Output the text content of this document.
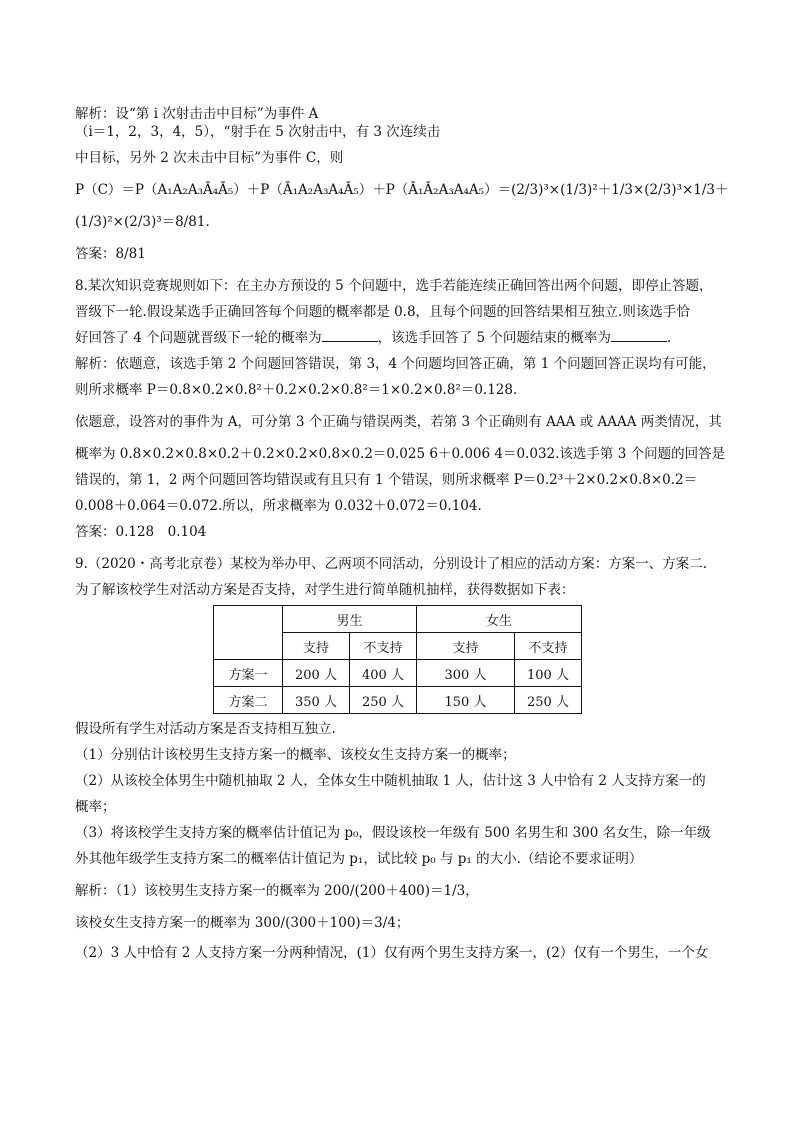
解析：设“第 i 次射击击中目标”为事件 A

（i＝1，2，3，4，5），“射手在 5 次射击中，有 3 次连续击

中目标，另外 2 次未击中目标”为事件 C，则

P（C）＝P（A₁A₂A₃Ā₄Ā₅）＋P（Ā₁A₂A₃A₄Ā₅）＋P（Ā₁Ā₂A₃A₄A₅）＝(2/3)³×(1/3)²＋1/3×(2/3)³×1/3＋

(1/3)²×(2/3)³＝8/81.

答案：8/81

8.某次知识竞赛规则如下：在主办方预设的 5 个问题中，选手若能连续正确回答出两个问题，即停止答题，

晋级下一轮.假设某选手正确回答每个问题的概率都是 0.8，且每个问题的回答结果相互独立.则该选手恰

好回答了 4 个问题就晋级下一轮的概率为	，该选手回答了 5 个问题结束的概率为	.

解析：依题意，该选手第 2 个问题回答错误，第 3，4 个问题均回答正确，第 1 个问题回答正误均有可能，

则所求概率 P＝0.8×0.2×0.8²＋0.2×0.2×0.8²＝1×0.2×0.8²＝0.128.

依题意，设答对的事件为 A，可分第 3 个正确与错误两类，若第 3 个正确则有 AAA 或 AAAA 两类情况，其

概率为 0.8×0.2×0.8×0.2＋0.2×0.2×0.8×0.2＝0.025 6＋0.006 4＝0.032.该选手第 3 个问题的回答是

错误的，第 1，2 两个问题回答均错误或有且只有 1 个错误，则所求概率 P＝0.2³＋2×0.2×0.8×0.2＝

0.008＋0.064＝0.072.所以，所求概率为 0.032＋0.072＝0.104.

答案：0.128　0.104

9.（2020・高考北京卷）某校为举办甲、乙两项不同活动，分别设计了相应的活动方案：方案一、方案二.

为了解该校学生对活动方案是否支持，对学生进行简单随机抽样，获得数据如下表：

	男生		女生	
	支持	不支持	支持	不支持
方案一	200 人	400 人	300 人	100 人
方案二	350 人	250 人	150 人	250 人

假设所有学生对活动方案是否支持相互独立.

（1）分别估计该校男生支持方案一的概率、该校女生支持方案一的概率；

（2）从该校全体男生中随机抽取 2 人，全体女生中随机抽取 1 人，估计这 3 人中恰有 2 人支持方案一的

概率；

（3）将该校学生支持方案的概率估计值记为 p₀，假设该校一年级有 500 名男生和 300 名女生，除一年级

外其他年级学生支持方案二的概率估计值记为 p₁，试比较 p₀ 与 p₁ 的大小.（结论不要求证明）

解析：（1）该校男生支持方案一的概率为 200/(200＋400)＝1/3，

该校女生支持方案一的概率为 300/(300＋100)＝3/4；

（2）3 人中恰有 2 人支持方案一分两种情况，(1）仅有两个男生支持方案一，(2）仅有一个男生，一个女
